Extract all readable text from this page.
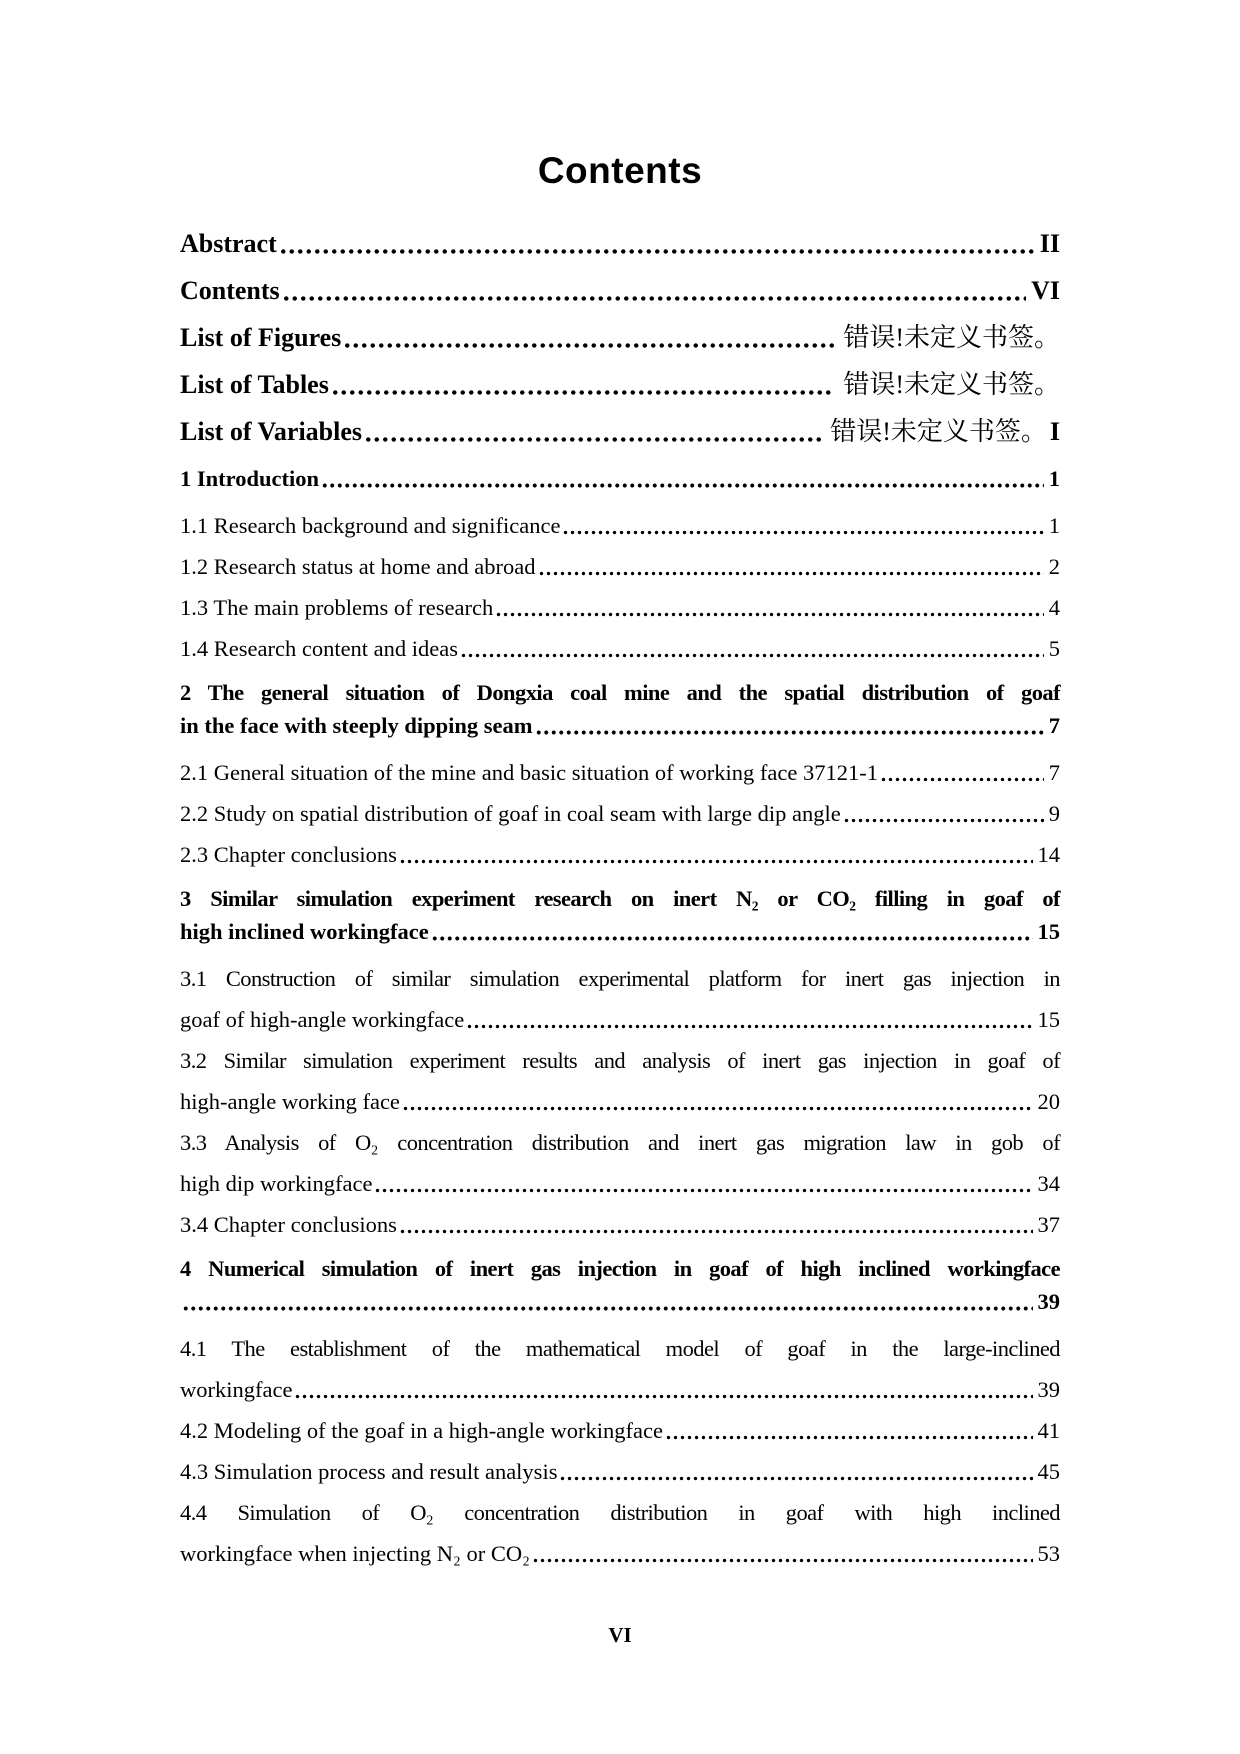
Contents
Abstract	II
Contents	VI
List of Figures	错误!未定义书签。
List of Tables	错误!未定义书签。
List of Variables	错误!未定义书签。 I
1 Introduction	1
1.1 Research background and significance	1
1.2 Research status at home and abroad	2
1.3 The main problems of research	4
1.4 Research content and ideas	5
2 The general situation of Dongxia coal mine and the spatial distribution of goaf
in the face with steeply dipping seam	7
2.1 General situation of the mine and basic situation of working face 37121-1	7
2.2 Study on spatial distribution of goaf in coal seam with large dip angle	9
2.3 Chapter conclusions	14
3 Similar simulation experiment research on inert N₂ or CO₂ filling in goaf of
high inclined workingface	15
3.1 Construction of similar simulation experimental platform for inert gas injection in
goaf of high-angle workingface	15
3.2 Similar simulation experiment results and analysis of inert gas injection in goaf of
high-angle working face	20
3.3 Analysis of O₂ concentration distribution and inert gas migration law in gob of
high dip workingface	34
3.4 Chapter conclusions	37
4 Numerical simulation of inert gas injection in goaf of high inclined workingface
39
4.1 The establishment of the mathematical model of goaf in the large-inclined
workingface	39
4.2 Modeling of the goaf in a high-angle workingface	41
4.3 Simulation process and result analysis	45
4.4 Simulation of O₂ concentration distribution in goaf with high inclined
workingface when injecting N₂ or CO₂	53
VI
